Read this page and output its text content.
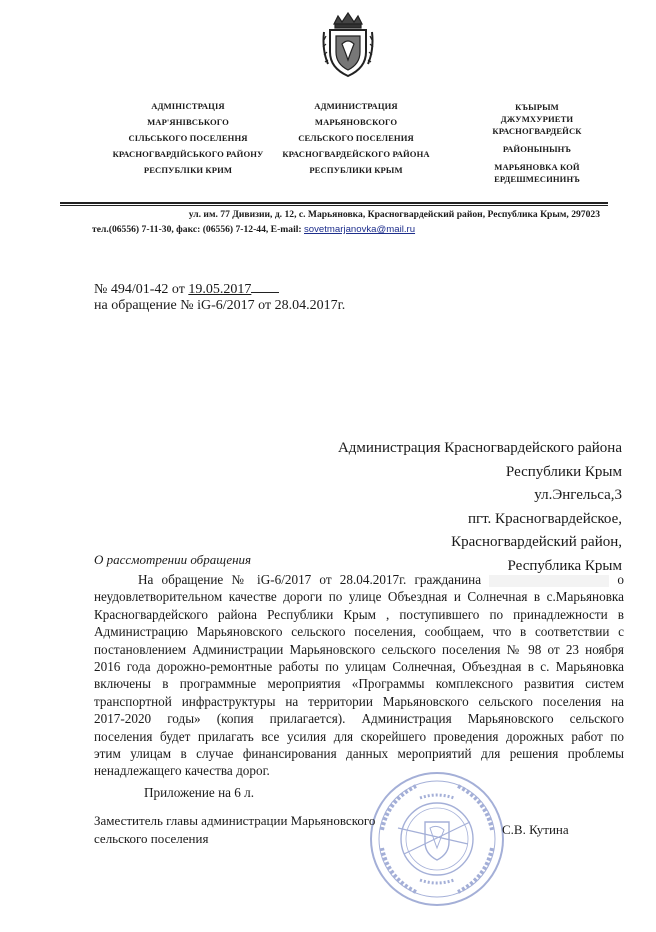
АДМІНІСТРАЦІЯ
МАР'ЯНІВСЬКОГО
СІЛЬСЬКОГО ПОСЕЛЕННЯ
КРАСНОГВАРДІЙСЬКОГО РАЙОНУ
РЕСПУБЛІКИ КРИМ
АДМИНИСТРАЦИЯ
МАРЬЯНОВСКОГО
СЕЛЬСКОГО ПОСЕЛЕНИЯ
КРАСНОГВАРДЕЙСКОГО РАЙОНА
РЕСПУБЛИКИ КРЫМ
КЪЫРЫМ
ДЖУМХУРИЕТИ
КРАСНОГВАРДЕЙСК
РАЙОНЫНЫНЪ
МАРЬЯНОВКА КОЙ
ЕРДЕШМЕСИНИНЪ
ул. им. 77 Дивизии, д. 12, с. Марьяновка, Красногвардейский район, Республика Крым, 297023
тел.(06556) 7-11-30, факс: (06556) 7-12-44, E-mail: sovetmarjanovka@mail.ru
№ 494/01-42 от 19.05.2017
на обращение № iG-6/2017 от 28.04.2017г.
Администрация Красногвардейского района
Республики Крым
ул.Энгельса,3
пгт. Красногвардейское,
Красногвардейский район,
Республика Крым
О рассмотрении обращения
На обращение № iG-6/2017 от 28.04.2017г. гражданина	о
неудовлетворительном качестве дороги по улице Объездная и Солнечная в с.Марьяновка
Красногвардейского района Республики Крым , поступившего по принадлежности в
Администрацию Марьяновского сельского поселения, сообщаем, что в соответствии с
постановлением Администрации Марьяновского сельского поселения № 98 от 23 ноября
2016 года дорожно-ремонтные работы по улицам Солнечная, Объездная в с. Марьяновка
включены в программные мероприятия «Программы комплексного развития систем
транспортной инфраструктуры на территории Марьяновского сельского поселения на
2017-2020 годы» (копия прилагается). Администрация Марьяновского сельского
поселения будет прилагать все усилия для скорейшего проведения дорожных работ по
этим улицам в случае финансирования данных мероприятий для решения проблемы
ненадлежащего качества дорог.
Приложение на 6 л.
Заместитель главы администрации Марьяновского
сельского поселения
С.В. Кутина
